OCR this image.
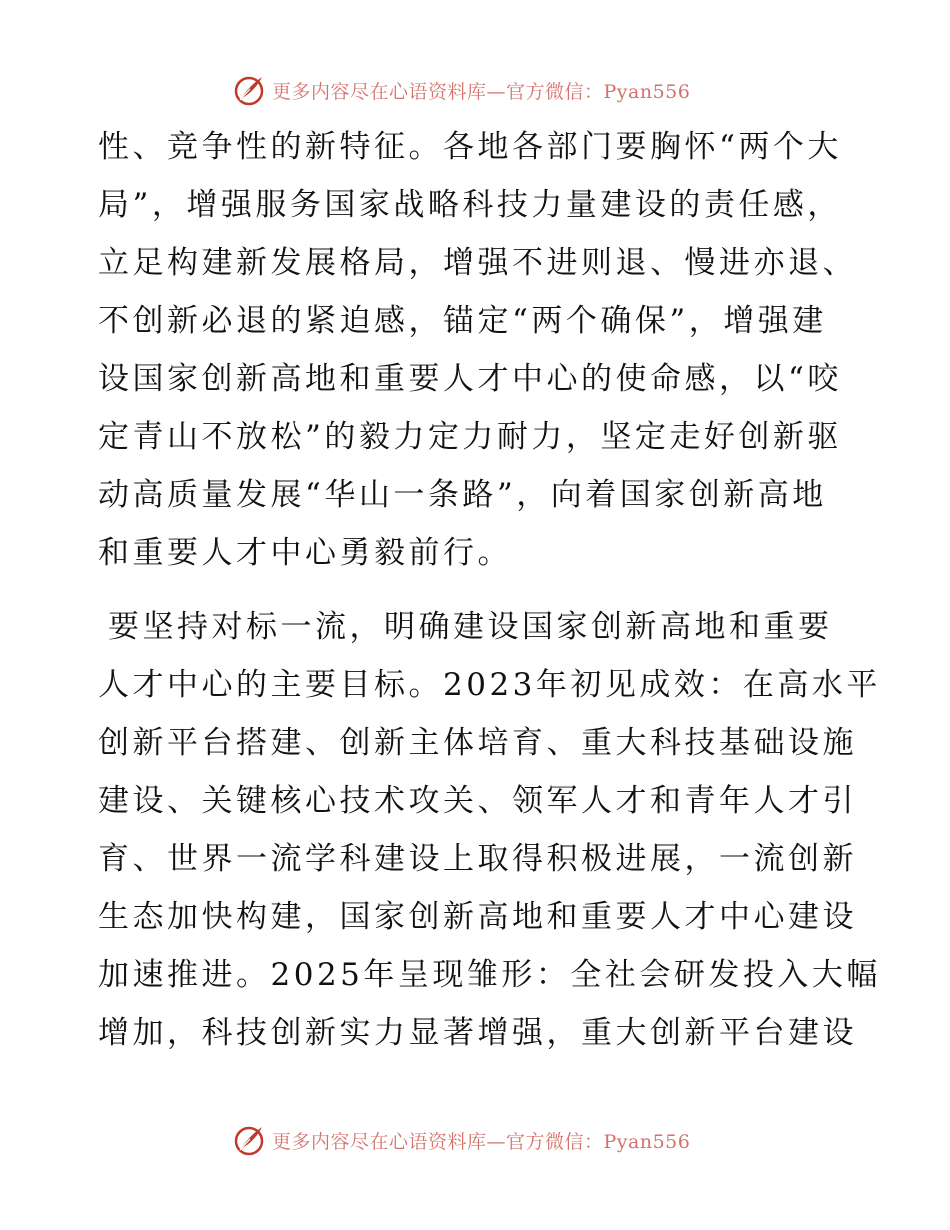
更多内容尽在心语资料库—官方微信：Pyan556
性、竞争性的新特征。各地各部门要胸怀“两个大
局”，增强服务国家战略科技力量建设的责任感，
立足构建新发展格局，增强不进则退、慢进亦退、
不创新必退的紧迫感，锚定“两个确保”，增强建
设国家创新高地和重要人才中心的使命感，以“咬
定青山不放松”的毅力定力耐力，坚定走好创新驱
动高质量发展“华山一条路”，向着国家创新高地
和重要人才中心勇毅前行。
要坚持对标一流，明确建设国家创新高地和重要
人才中心的主要目标。2023年初见成效：在高水平
创新平台搭建、创新主体培育、重大科技基础设施
建设、关键核心技术攻关、领军人才和青年人才引
育、世界一流学科建设上取得积极进展，一流创新
生态加快构建，国家创新高地和重要人才中心建设
加速推进。2025年呈现雏形：全社会研发投入大幅
增加，科技创新实力显著增强，重大创新平台建设
更多内容尽在心语资料库—官方微信：Pyan556
